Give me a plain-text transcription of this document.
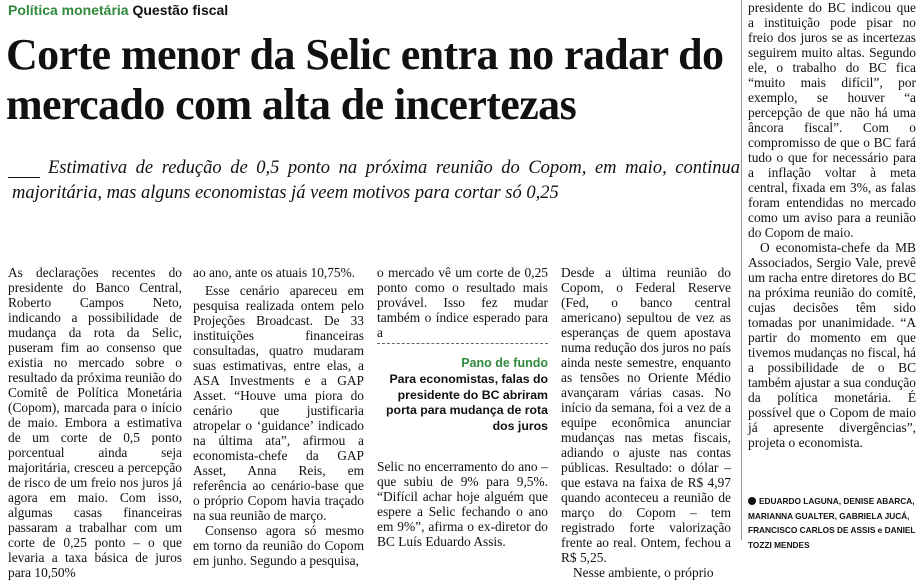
Política monetária Questão fiscal
Corte menor da Selic entra no radar do mercado com alta de incertezas

Estimativa de redução de 0,5 ponto na próxima reunião do Copom, em maio, continua majoritária, mas alguns economistas já veem motivos para cortar só 0,25

As declarações recentes do presidente do Banco Central, Roberto Campos Neto, indicando a possibilidade de mudança da rota da Selic, puseram fim ao consenso que existia no mercado sobre o resultado da próxima reunião do Comitê de Política Monetária (Copom), marcada para o início de maio. Embora a estimativa de um corte de 0,5 ponto porcentual ainda seja majoritária, cresceu a percepção de risco de um freio nos juros já agora em maio. Com isso, algumas casas financeiras passaram a trabalhar com um corte de 0,25 ponto – o que levaria a taxa básica de juros para 10,50%

ao ano, ante os atuais 10,75%.

Esse cenário apareceu em pesquisa realizada ontem pelo Projeções Broadcast. De 33 instituições financeiras consultadas, quatro mudaram suas estimativas, entre elas, a ASA Investments e a GAP Asset. “Houve uma piora do cenário que justificaria atropelar o ‘guidance’ indicado na última ata”, afirmou a economista-chefe da GAP Asset, Anna Reis, em referência ao cenário-base que o próprio Copom havia traçado na sua reunião de março.

Consenso agora só mesmo em torno da reunião do Copom em junho. Segundo a pesquisa,

o mercado vê um corte de 0,25 ponto como o resultado mais provável. Isso fez mudar também o índice esperado para a

Pano de fundo

Para economistas, falas do presidente do BC abriram porta para mudança de rota dos juros

Selic no encerramento do ano – que subiu de 9% para 9,5%. “Difícil achar hoje alguém que espere a Selic fechando o ano em 9%”, afirma o ex-diretor do BC Luís Eduardo Assis.

Desde a última reunião do Copom, o Federal Reserve (Fed, o banco central americano) sepultou de vez as esperanças de quem apostava numa redução dos juros no país ainda neste semestre, enquanto as tensões no Oriente Médio avançaram várias casas. No início da semana, foi a vez de a equipe econômica anunciar mudanças nas metas fiscais, adiando o ajuste nas contas públicas. Resultado: o dólar – que estava na faixa de R$ 4,97 quando aconteceu a reunião de março do Copom – tem registrado forte valorização frente ao real. Ontem, fechou a R$ 5,25.

Nesse ambiente, o próprio

presidente do BC indicou que a instituição pode pisar no freio dos juros se as incertezas seguirem muito altas. Segundo ele, o trabalho do BC fica “muito mais difícil”, por exemplo, se houver “a percepção de que não há uma âncora fiscal”. Com o compromisso de que o BC fará tudo o que for necessário para a inflação voltar à meta central, fixada em 3%, as falas foram entendidas no mercado como um aviso para a reunião do Copom de maio.

O economista-chefe da MB Associados, Sergio Vale, prevê um racha entre diretores do BC na próxima reunião do comitê, cujas decisões têm sido tomadas por unanimidade. “A partir do momento em que tivemos mudanças no fiscal, há a possibilidade de o BC também ajustar a sua condução da política monetária. É possível que o Copom de maio já apresente divergências”, projeta o economista.

EDUARDO LAGUNA, DENISE ABARCA, MARIANNA GUALTER, GABRIELA JUCÁ, FRANCISCO CARLOS DE ASSIS e DANIEL TOZZI MENDES
